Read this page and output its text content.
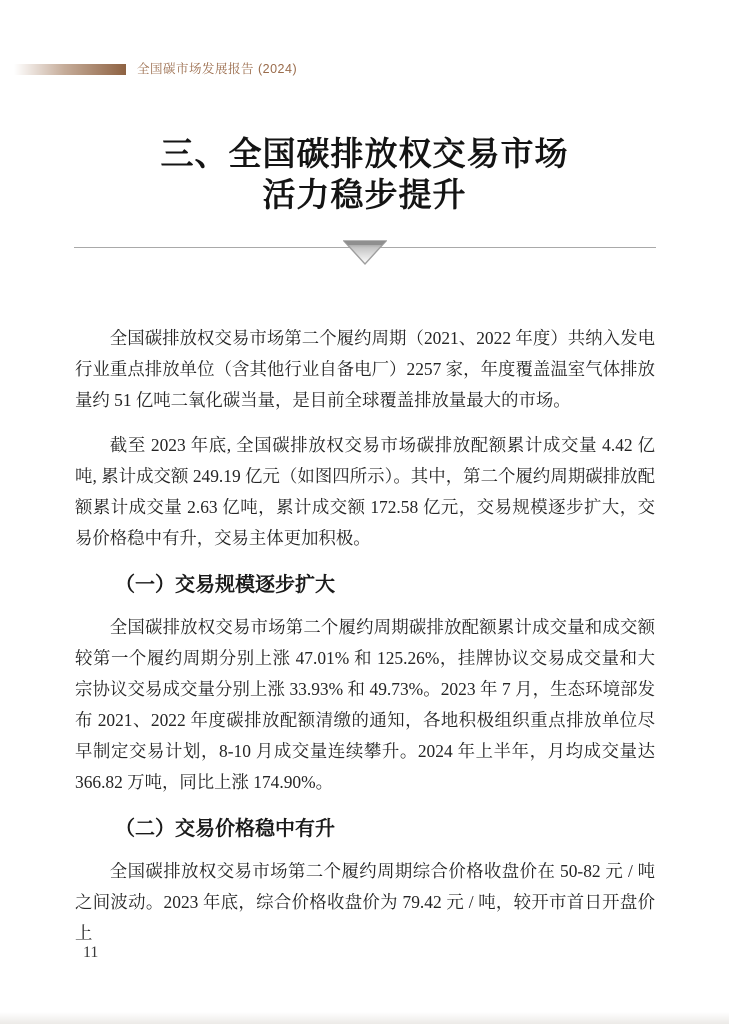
全国碳市场发展报告 (2024)
三、全国碳排放权交易市场
活力稳步提升

全国碳排放权交易市场第二个履约周期（2021、2022 年度）共纳入发电行业重点排放单位（含其他行业自备电厂）2257 家，年度覆盖温室气体排放量约 51 亿吨二氧化碳当量，是目前全球覆盖排放量最大的市场。

截至 2023 年底, 全国碳排放权交易市场碳排放配额累计成交量 4.42 亿吨, 累计成交额 249.19 亿元（如图四所示）。其中，第二个履约周期碳排放配额累计成交量 2.63 亿吨，累计成交额 172.58 亿元，交易规模逐步扩大，交易价格稳中有升，交易主体更加积极。

（一）交易规模逐步扩大

全国碳排放权交易市场第二个履约周期碳排放配额累计成交量和成交额较第一个履约周期分别上涨 47.01% 和 125.26%，挂牌协议交易成交量和大宗协议交易成交量分别上涨 33.93% 和 49.73%。2023 年 7 月，生态环境部发布 2021、2022 年度碳排放配额清缴的通知，各地积极组织重点排放单位尽早制定交易计划，8-10 月成交量连续攀升。2024 年上半年，月均成交量达 366.82 万吨，同比上涨 174.90%。

（二）交易价格稳中有升

全国碳排放权交易市场第二个履约周期综合价格收盘价在 50-82 元 / 吨之间波动。2023 年底，综合价格收盘价为 79.42 元 / 吨，较开市首日开盘价上

11
